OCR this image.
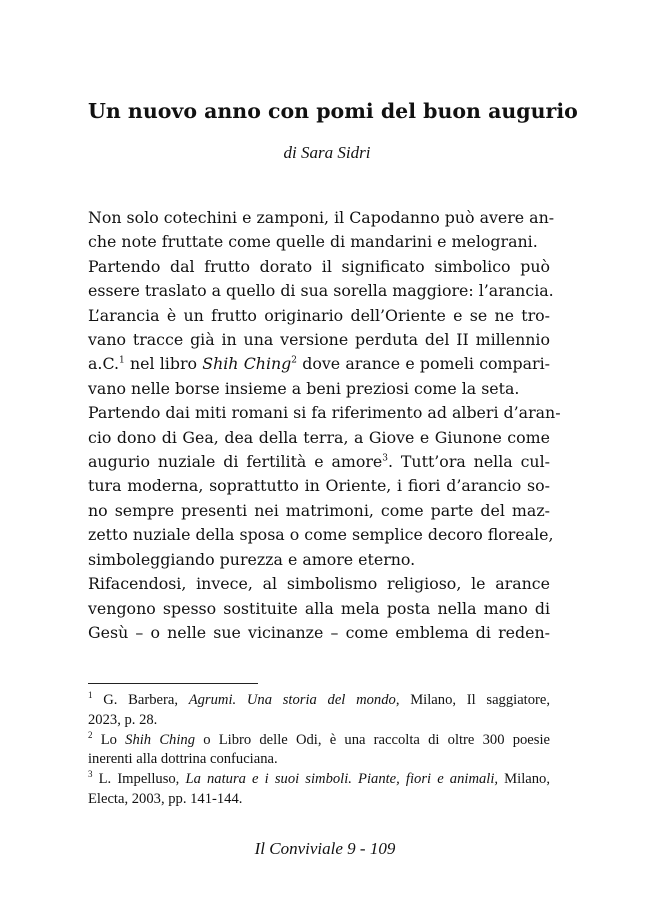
Un nuovo anno con pomi del buon augurio
di Sara Sidri
Non solo cotechini e zamponi, il Capodanno può avere an-
che note fruttate come quelle di mandarini e melograni.
Partendo dal frutto dorato il significato simbolico può
essere traslato a quello di sua sorella maggiore: l’arancia.
L’arancia è un frutto originario dell’Oriente e se ne tro-
vano tracce già in una versione perduta del II millennio
a.C.$^1$ nel libro Shih Ching$^2$ dove arance e pomeli compari-
vano nelle borse insieme a beni preziosi come la seta.
Partendo dai miti romani si fa riferimento ad alberi d’aran-
cio dono di Gea, dea della terra, a Giove e Giunone come
augurio nuziale di fertilità e amore$^3$. Tutt’ora nella cul-
tura moderna, soprattutto in Oriente, i fiori d’arancio so-
no sempre presenti nei matrimoni, come parte del maz-
zetto nuziale della sposa o come semplice decoro floreale,
simboleggiando purezza e amore eterno.
Rifacendosi, invece, al simbolismo religioso, le arance
vengono spesso sostituite alla mela posta nella mano di
Gesù – o nelle sue vicinanze – come emblema di reden-
$^1$ G. Barbera, Agrumi. Una storia del mondo, Milano, Il saggiatore,
2023, p. 28.
$^2$ Lo Shih Ching o Libro delle Odi, è una raccolta di oltre 300 poesie
inerenti alla dottrina confuciana.
$^3$ L. Impelluso, La natura e i suoi simboli. Piante, fiori e animali, Milano,
Electa, 2003, pp. 141-144.
Il Conviviale 9 - 109
